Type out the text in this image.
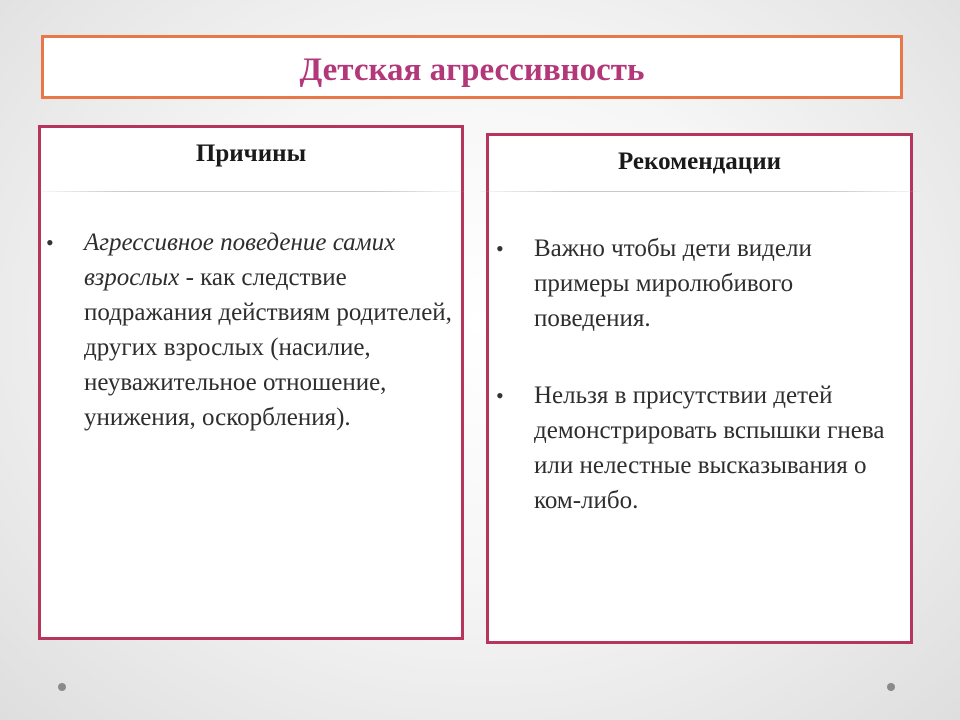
Детская агрессивность
Причины
• Агрессивное поведение самих взрослых - как следствие подражания действиям родителей, других взрослых (насилие, неуважительное отношение, унижения, оскорбления).
Рекомендации
• Важно чтобы дети видели примеры миролюбивого поведения.
• Нельзя в присутствии детей демонстрировать вспышки гнева или нелестные высказывания о ком-либо.
